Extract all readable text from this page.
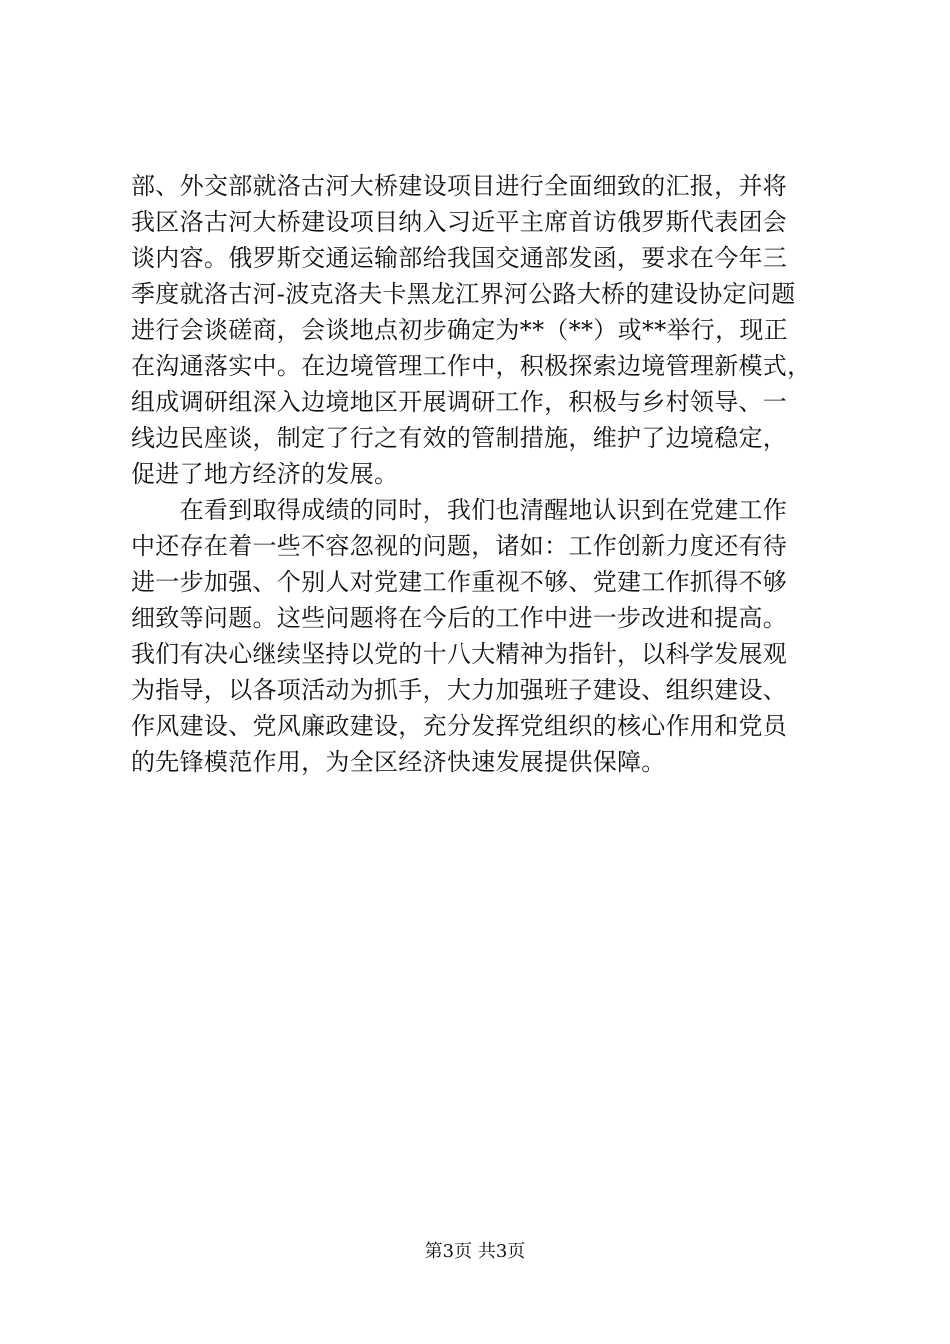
部、外交部就洛古河大桥建设项目进行全面细致的汇报，并将
我区洛古河大桥建设项目纳入习近平主席首访俄罗斯代表团会
谈内容。俄罗斯交通运输部给我国交通部发函，要求在今年三
季度就洛古河-波克洛夫卡黑龙江界河公路大桥的建设协定问题
进行会谈磋商，会谈地点初步确定为**（**）或**举行，现正
在沟通落实中。在边境管理工作中，积极探索边境管理新模式，
组成调研组深入边境地区开展调研工作，积极与乡村领导、一
线边民座谈，制定了行之有效的管制措施，维护了边境稳定，
促进了地方经济的发展。
　　在看到取得成绩的同时，我们也清醒地认识到在党建工作
中还存在着一些不容忽视的问题，诸如：工作创新力度还有待
进一步加强、个别人对党建工作重视不够、党建工作抓得不够
细致等问题。这些问题将在今后的工作中进一步改进和提高。
我们有决心继续坚持以党的十八大精神为指针，以科学发展观
为指导，以各项活动为抓手，大力加强班子建设、组织建设、
作风建设、党风廉政建设，充分发挥党组织的核心作用和党员
的先锋模范作用，为全区经济快速发展提供保障。
第3页 共3页
